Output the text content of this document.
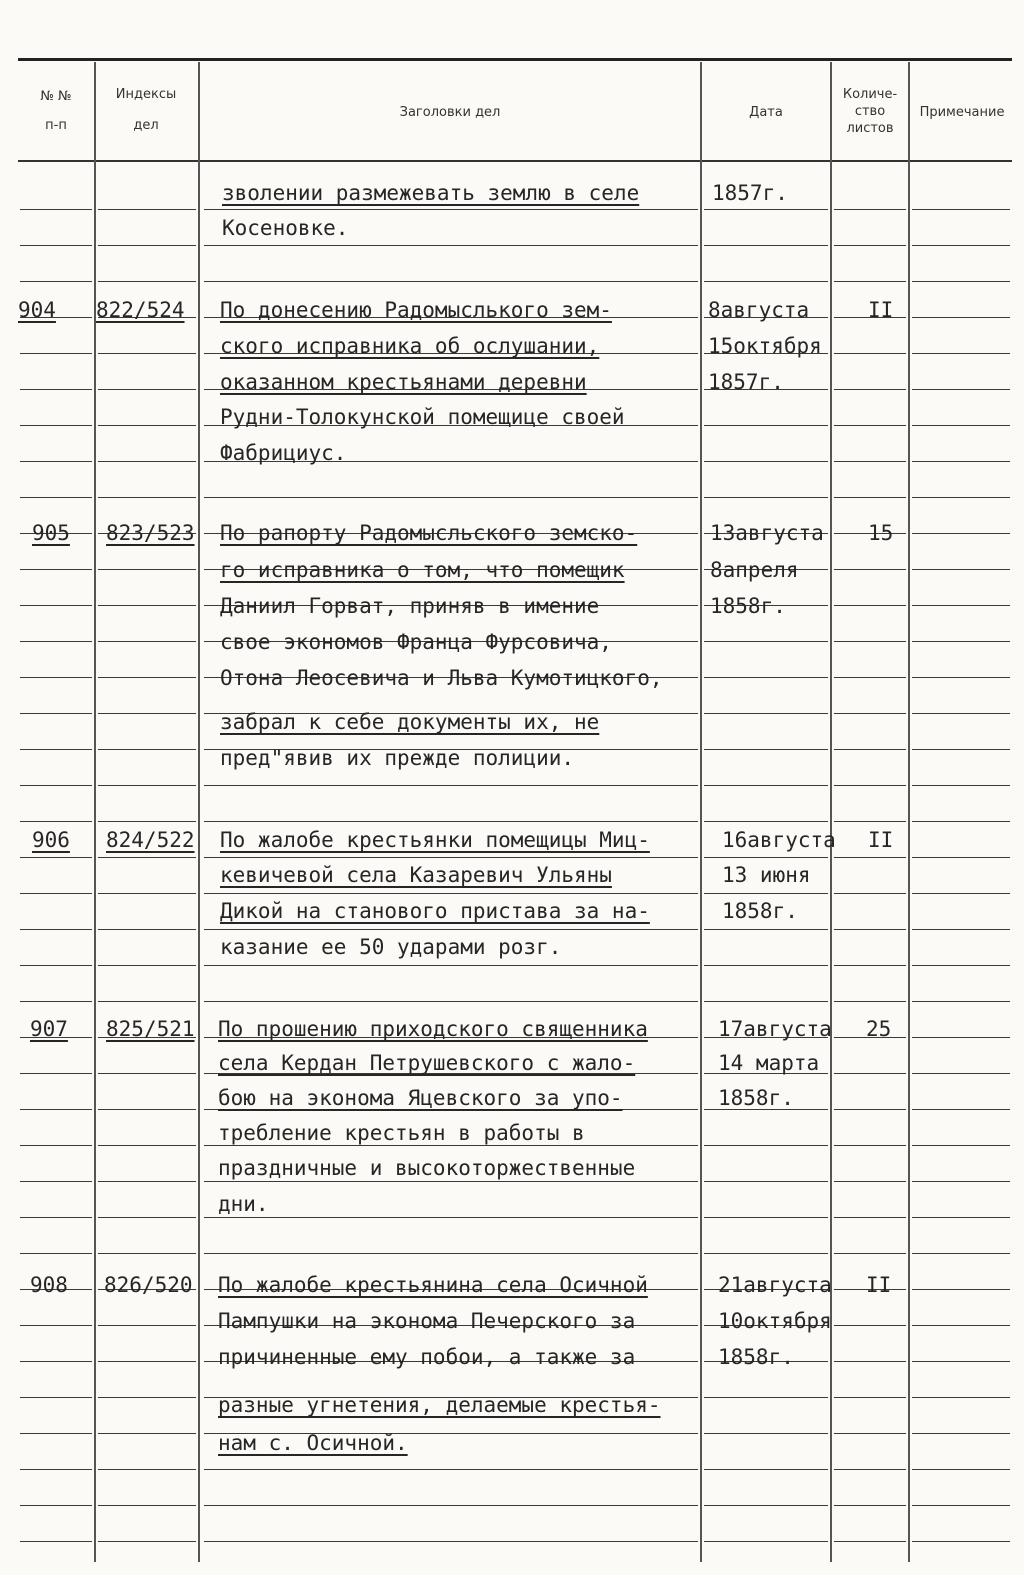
№ №
п-п
Индексы
дел
Заголовки дел	Дата
Количе-
ство
листов
Примечание
зволении размежевать землю в селе
Косеновке.
1857г.
904 822/524 По донесению Радомыслького зем-
ского исправника об ослушании,
оказанном крестьянами деревни
Рудни-Толокунской помещице своей
Фабрициус.
8августа
15октября
1857г.
II
905 823/523 По рапорту Радомысльского земско-
го исправника о том, что помещик
Даниил Горват, приняв в имение
свое экономов Франца Фурсовича,
Отона Леосевича и Льва Кумотицкого,
забрал к себе документы их, не
пред"явив их прежде полиции.
13августа
8апреля
1858г.
15
906 824/522 По жалобе крестьянки помещицы Миц-
кевичевой села Казаревич Ульяны
Дикой на станового пристава за на-
казание ее 50 ударами розг.
16августа
13 июня
1858г.
II
907 825/521 По прошению приходского священника
села Кердан Петрушевского с жало-
бою на эконома Яцевского за упо-
требление крестьян в работы в
праздничные и высокоторжественные
дни.
17августа
14 марта
1858г.
25
908 826/520 По жалобе крестьянина села Осичной
Пампушки на эконома Печерского за
причиненные ему побои, а также за
разные угнетения, делаемые крестья-
нам с. Осичной.
21августа
10октября
1858г.
II
